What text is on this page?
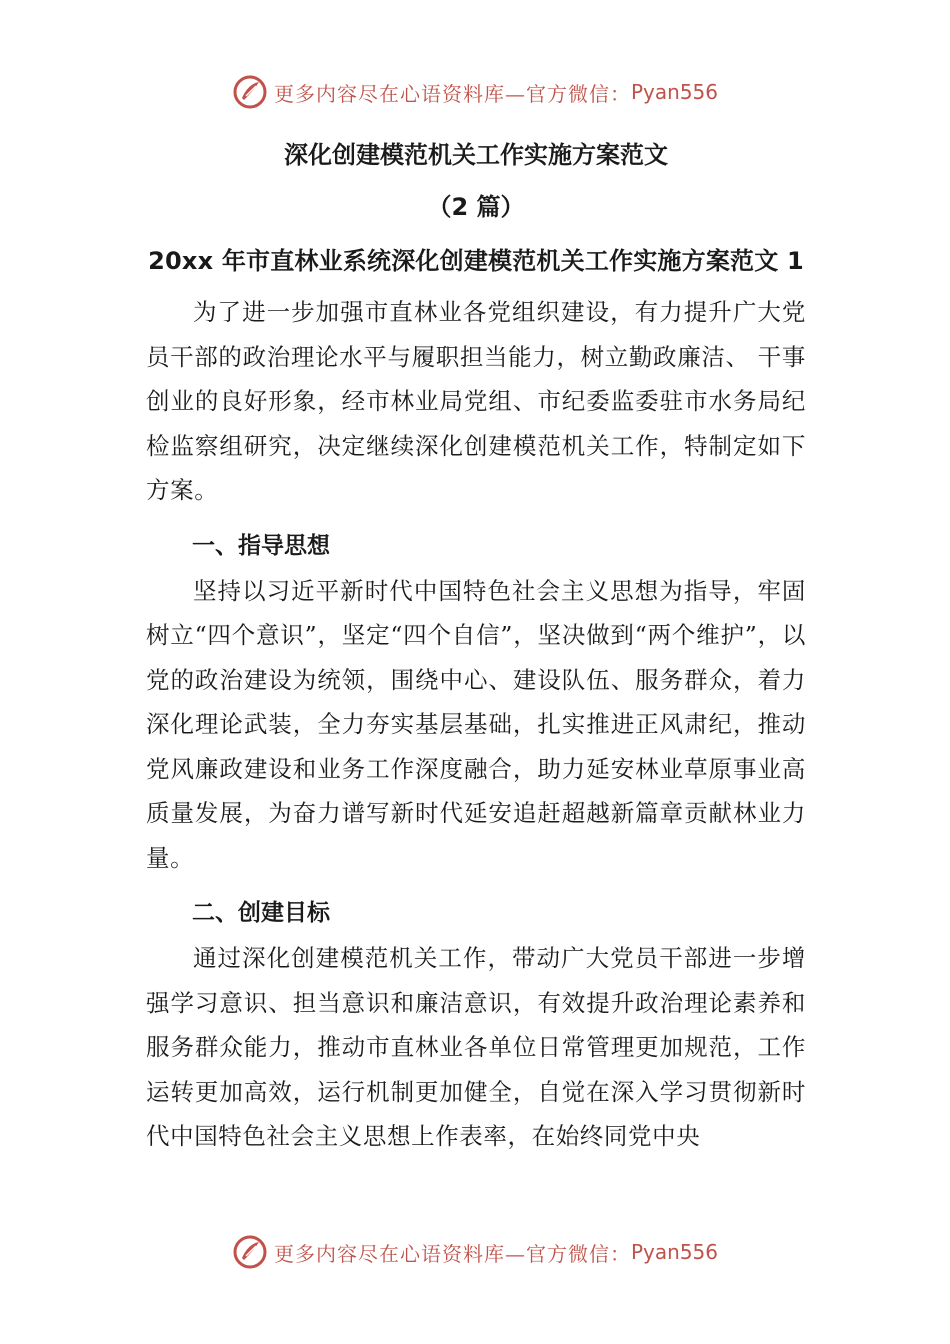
更多内容尽在心语资料库—官方微信： Pyan556
深化创建模范机关工作实施方案范文
（2 篇）
20xx 年市直林业系统深化创建模范机关工作实施方案范文 1

为了进一步加强市直林业各党组织建设，有力提升广大党员干部的政治理论水平与履职担当能力，树立勤政廉洁、 干事创业的良好形象，经市林业局党组、市纪委监委驻市水务局纪检监察组研究，决定继续深化创建模范机关工作，特制定如下方案。

一、指导思想

坚持以习近平新时代中国特色社会主义思想为指导，牢固树立“四个意识”，坚定“四个自信”，坚决做到“两个维护”，以党的政治建设为统领，围绕中心、建设队伍、服务群众，着力深化理论武装，全力夯实基层基础，扎实推进正风肃纪，推动党风廉政建设和业务工作深度融合，助力延安林业草原事业高质量发展，为奋力谱写新时代延安追赶超越新篇章贡献林业力量。

二、创建目标

通过深化创建模范机关工作，带动广大党员干部进一步增强学习意识、担当意识和廉洁意识，有效提升政治理论素养和服务群众能力，推动市直林业各单位日常管理更加规范，工作运转更加高效，运行机制更加健全，自觉在深入学习贯彻新时代中国特色社会主义思想上作表率，在始终同党中央

更多内容尽在心语资料库—官方微信： Pyan556
